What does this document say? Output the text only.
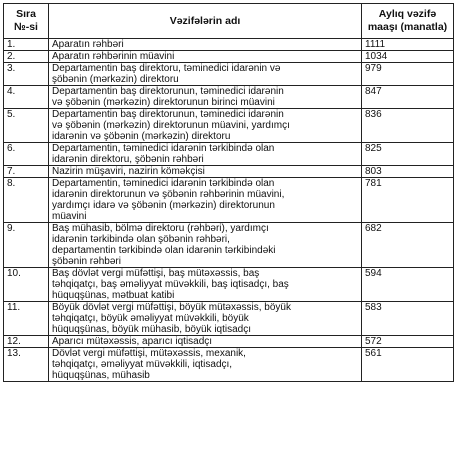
Sıra
№-si	Vəzifələrin adı	Aylıq vəzifə
maaşı (manatla)

1.	Aparatın rəhbəri	1111
2.	Aparatın rəhbərinin müavini	1034
3.	Departamentin baş direktoru, təminedici idarənin və
şöbənin (mərkəzin) direktoru	979
4.	Departamentin baş direktorunun, təminedici idarənin
və şöbənin (mərkəzin) direktorunun birinci müavini	847
5.	Departamentin baş direktorunun, təminedici idarənin
və şöbənin (mərkəzin) direktorunun müavini, yardımçı
idarənin və şöbənin (mərkəzin) direktoru	836
6.	Departamentin, təminedici idarənin tərkibində olan
idarənin direktoru, şöbənin rəhbəri	825
7.	Nazirin müşaviri, nazirin köməkçisi	803
8.	Departamentin, təminedici idarənin tərkibində olan
idarənin direktorunun və şöbənin rəhbərinin müavini,
yardımçı idarə və şöbənin (mərkəzin) direktorunun
müavini	781
9.	Baş mühasib, bölmə direktoru (rəhbəri), yardımçı
idarənin tərkibində olan şöbənin rəhbəri,
departamentin tərkibində olan idarənin tərkibindəki
şöbənin rəhbəri	682
10.	Baş dövlət vergi müfəttişi, baş mütəxəssis, baş
təhqiqatçı, baş əməliyyat müvəkkili, baş iqtisadçı, baş
hüquqşünas, mətbuat katibi	594
11.	Böyük dövlət vergi müfəttişi, böyük mütəxəssis, böyük
təhqiqatçı, böyük əməliyyat müvəkkili, böyük
hüquqşünas, böyük mühasib, böyük iqtisadçı	583
12.	Aparıcı mütəxəssis, aparıcı iqtisadçı	572
13.	Dövlət vergi müfəttişi, mütəxəssis, mexanik,
təhqiqatçı, əməliyyat müvəkkili, iqtisadçı,
hüquqşünas, mühasib	561
